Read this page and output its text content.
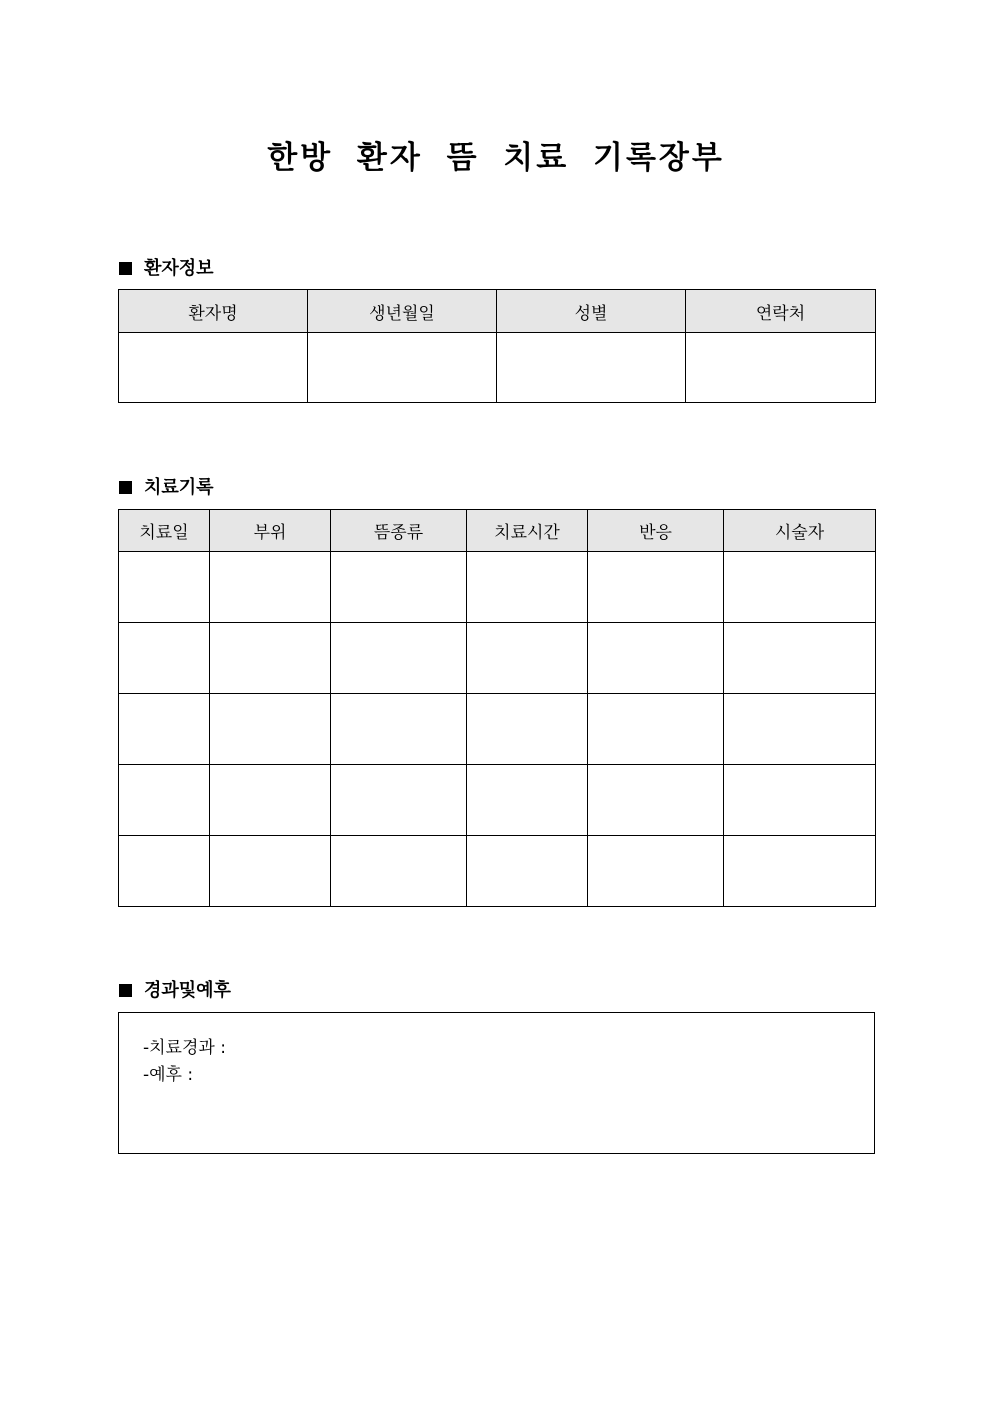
한방 환자 뜸 치료 기록장부
환자정보
환자명	생년월일	성별	연락처

치료기록
치료일	부위	뜸종류	치료시간	반응	시술자

경과및예후
-치료경과 :
-예후 :
